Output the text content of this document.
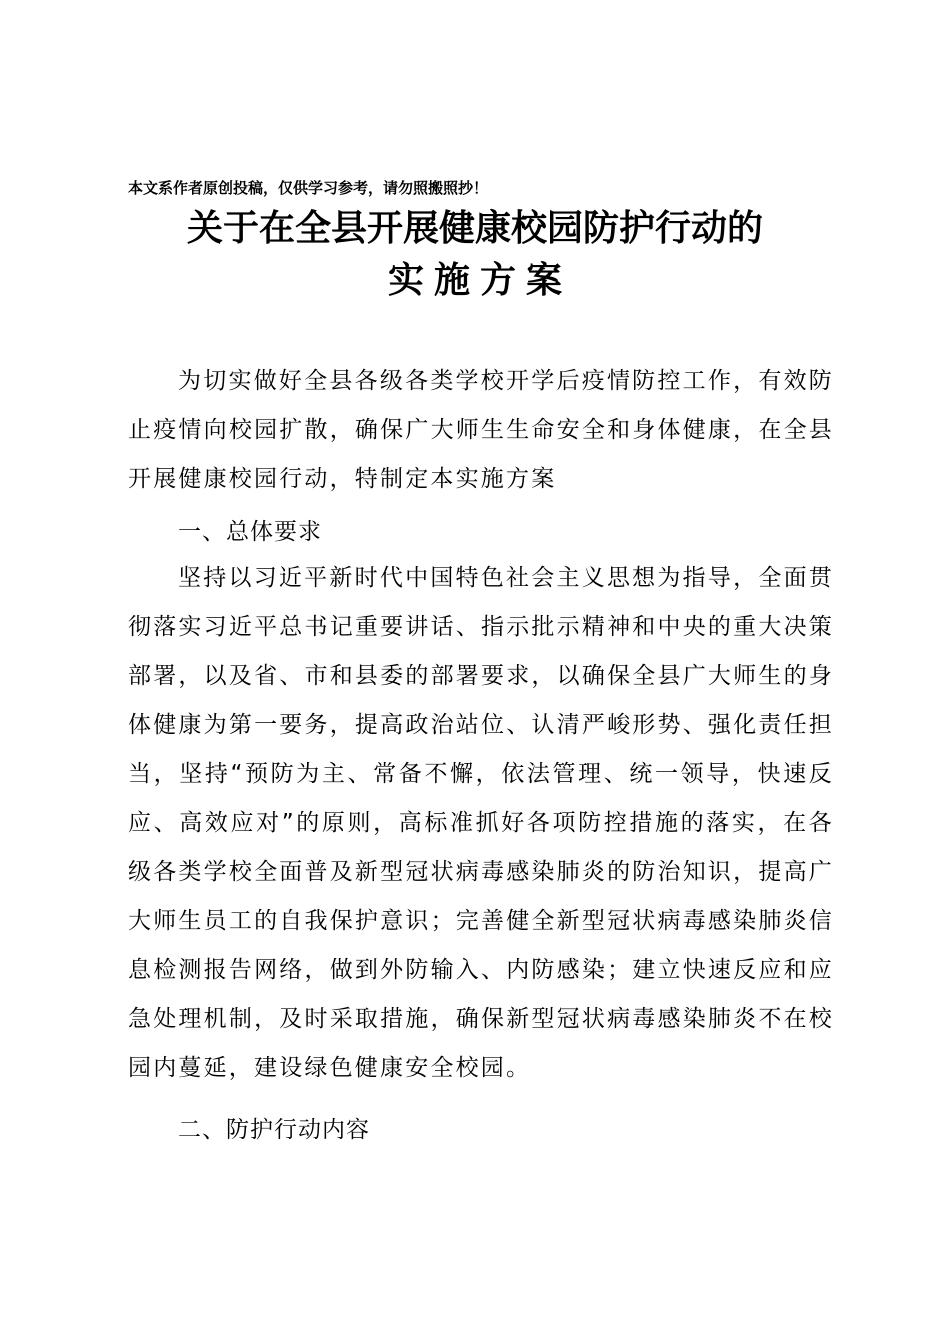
本文系作者原创投稿，仅供学习参考，请勿照搬照抄！
关于在全县开展健康校园防护行动的
实施方案

为切实做好全县各级各类学校开学后疫情防控工作，有效防止疫情向校园扩散，确保广大师生生命安全和身体健康，在全县开展健康校园行动，特制定本实施方案

一、总体要求

坚持以习近平新时代中国特色社会主义思想为指导，全面贯彻落实习近平总书记重要讲话、指示批示精神和中央的重大决策部署，以及省、市和县委的部署要求，以确保全县广大师生的身体健康为第一要务，提高政治站位、认清严峻形势、强化责任担当，坚持“预防为主、常备不懈，依法管理、统一领导，快速反应、高效应对”的原则，高标准抓好各项防控措施的落实，在各级各类学校全面普及新型冠状病毒感染肺炎的防治知识，提高广大师生员工的自我保护意识；完善健全新型冠状病毒感染肺炎信息检测报告网络，做到外防输入、内防感染；建立快速反应和应急处理机制，及时采取措施，确保新型冠状病毒感染肺炎不在校园内蔓延，建设绿色健康安全校园。

二、防护行动内容
